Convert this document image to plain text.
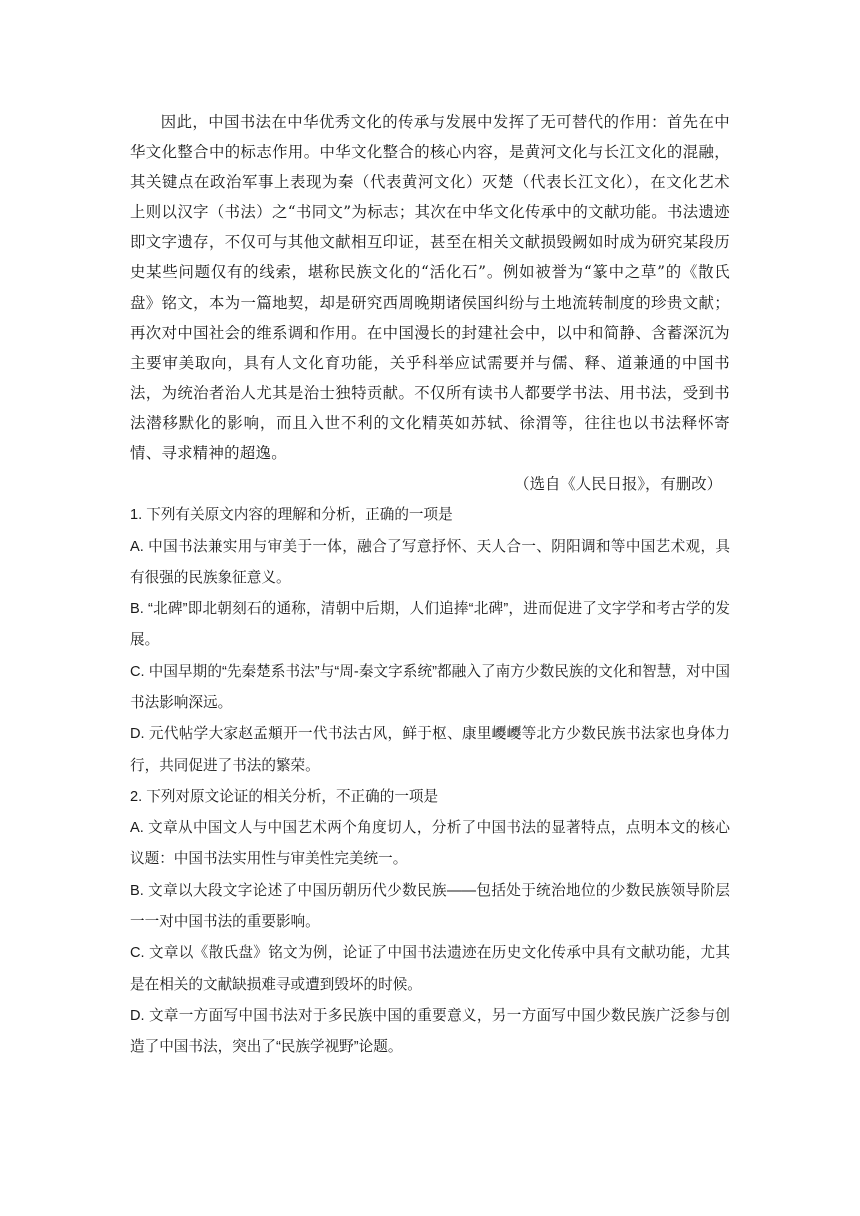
因此，中国书法在中华优秀文化的传承与发展中发挥了无可替代的作用：首先在中华文化整合中的标志作用。中华文化整合的核心内容，是黄河文化与长江文化的混融，其关键点在政治军事上表现为秦（代表黄河文化）灭楚（代表长江文化），在文化艺术上则以汉字（书法）之“书同文”为标志；其次在中华文化传承中的文献功能。书法遗迹即文字遗存，不仅可与其他文献相互印证，甚至在相关文献损毁阙如时成为研究某段历史某些问题仅有的线索，堪称民族文化的“活化石”。例如被誉为“篆中之草”的《散氏盘》铭文，本为一篇地契，却是研究西周晚期诸侯国纠纷与土地流转制度的珍贵文献；再次对中国社会的维系调和作用。在中国漫长的封建社会中，以中和简静、含蓄深沉为主要审美取向，具有人文化育功能，关乎科举应试需要并与儒、释、道兼通的中国书法，为统治者治人尤其是治士独特贡献。不仅所有读书人都要学书法、用书法，受到书法潜移默化的影响，而且入世不利的文化精英如苏轼、徐渭等，往往也以书法释怀寄情、寻求精神的超逸。

（选自《人民日报》，有删改）

1. 下列有关原文内容的理解和分析，正确的一项是

A. 中国书法兼实用与审美于一体，融合了写意抒怀、天人合一、阴阳调和等中国艺术观，具有很强的民族象征意义。

B. “北碑”即北朝刻石的通称，清朝中后期，人们追捧“北碑”，进而促进了文字学和考古学的发展。

C. 中国早期的“先秦楚系书法”与“周-秦文字系统”都融入了南方少数民族的文化和智慧，对中国书法影响深远。

D. 元代帖学大家赵孟頫开一代书法古风，鲜于枢、康里巎巎等北方少数民族书法家也身体力行，共同促进了书法的繁荣。

2. 下列对原文论证的相关分析，不正确的一项是

A. 文章从中国文人与中国艺术两个角度切人，分析了中国书法的显著特点，点明本文的核心议题：中国书法实用性与审美性完美统一。

B. 文章以大段文字论述了中国历朝历代少数民族——包括处于统治地位的少数民族领导阶层一一对中国书法的重要影响。

C. 文章以《散氏盘》铭文为例，论证了中国书法遗迹在历史文化传承中具有文献功能，尤其是在相关的文献缺损难寻或遭到毁坏的时候。

D. 文章一方面写中国书法对于多民族中国的重要意义，另一方面写中国少数民族广泛参与创造了中国书法，突出了“民族学视野”论题。
